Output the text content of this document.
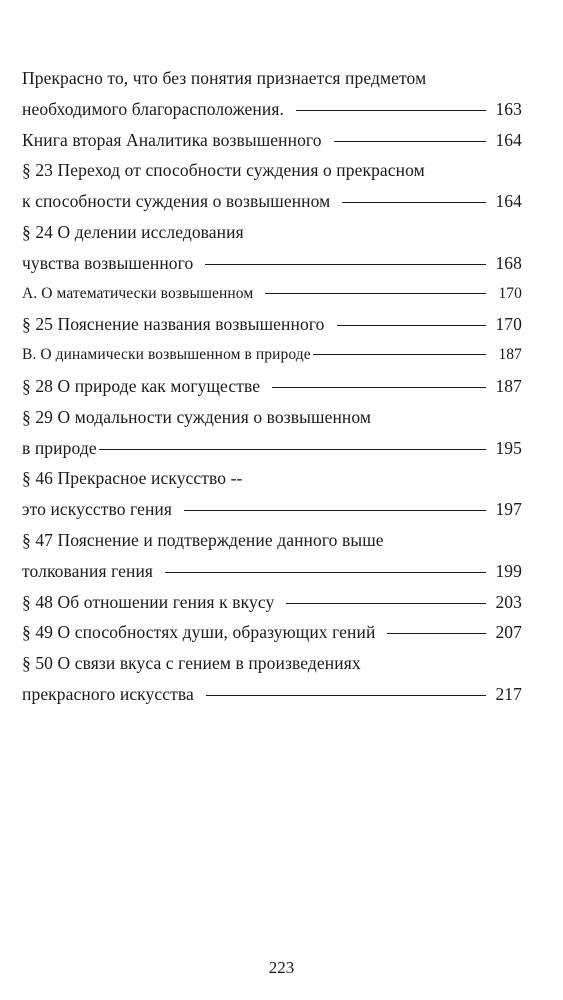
Прекрасно то, что без понятия признается предметом
необходимого благорасположения.	163
Книга вторая Аналитика возвышенного	164
§ 23 Переход от способности суждения о прекрасном
к способности суждения о возвышенном	164
§ 24 О делении исследования
чувства возвышенного	168
А. О математически возвышенном	170
§ 25 Пояснение названия возвышенного	170
В. О динамически возвышенном в природе	187
§ 28 О природе как могуществе	187
§ 29 О модальности суждения о возвышенном
в природе	195
§ 46 Прекрасное искусство --
это искусство гения	197
§ 47 Пояснение и подтверждение данного выше
толкования гения	199
§ 48 Об отношении гения к вкусу	203
§ 49 О способностях души, образующих гений	207
§ 50 О связи вкуса с гением в произведениях
прекрасного искусства	217
223
